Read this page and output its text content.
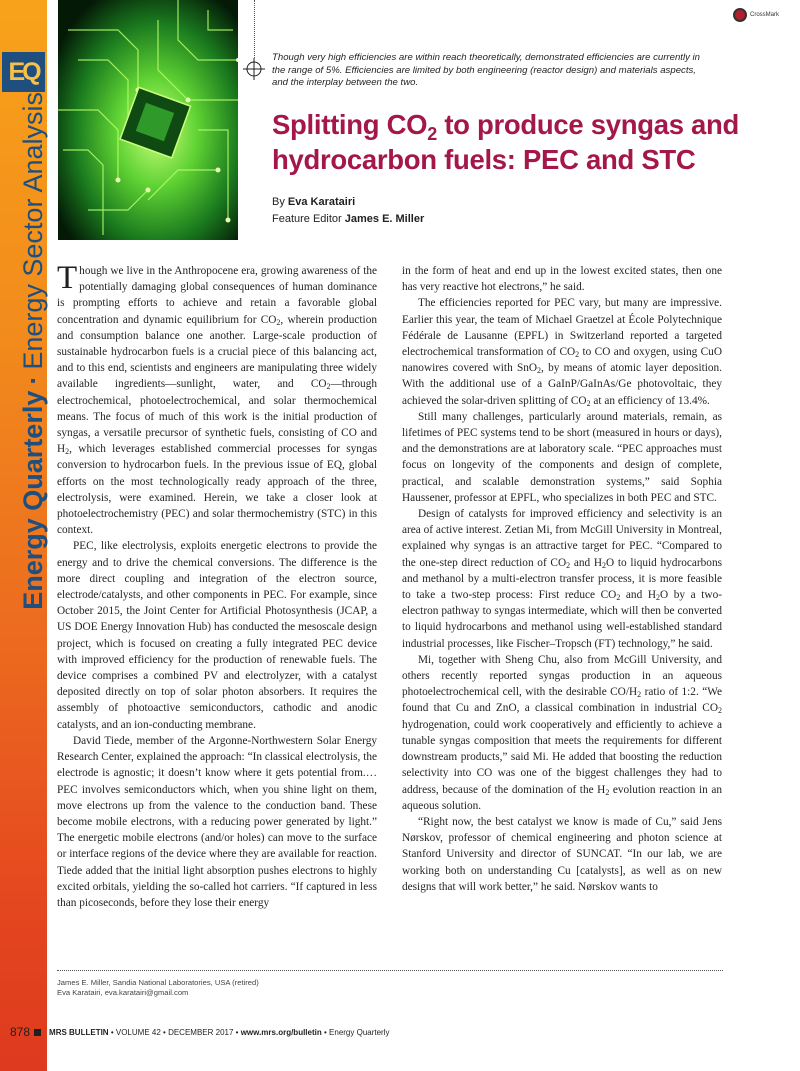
EQ
Energy Quarterly·Energy Sector Analysis
CrossMark
Though very high efficiencies are within reach theoretically, demonstrated efficiencies are currently in the range of 5%. Efficiencies are limited by both engineering (reactor design) and materials aspects, and the interplay between the two.
Splitting $CO_2$ to produce syngas and hydrocarbon fuels: PEC and STC
By Eva Karatairi
Feature Editor James E. Miller

Though we live in the Anthropocene era, growing awareness of the potentially damaging global consequences of human dominance is prompting efforts to achieve and retain a favorable global concentration and dynamic equilibrium for $CO_2$, wherein production and consumption balance one another. Large-scale production of sustainable hydrocarbon fuels is a crucial piece of this balancing act, and to this end, scientists and engineers are manipulating three widely available ingredients—sunlight, water, and $CO_2—through$ electrochemical, photoelectrochemical, and solar thermochemical means. The focus of much of this work is the initial production of syngas, a versatile precursor of synthetic fuels, consisting of CO and $H_2$, which leverages established commercial processes for syngas conversion to hydrocarbon fuels. In the previous issue of EQ, global efforts on the most technologically ready approach of the three, electrolysis, were examined. Herein, we take a closer look at photoelectrochemistry (PEC) and solar thermochemistry (STC) in this context.

PEC, like electrolysis, exploits energetic electrons to provide the energy and to drive the chemical conversions. The difference is the more direct coupling and integration of the electron source, electrode/catalysts, and other components in PEC. For example, since October 2015, the Joint Center for Artificial Photosynthesis (JCAP, a US DOE Energy Innovation Hub) has conducted the mesoscale design project, which is focused on creating a fully integrated PEC device with improved efficiency for the production of renewable fuels. The device comprises a combined PV and electrolyzer, with a catalyst deposited directly on top of solar photon absorbers. It requires the assembly of photoactive semiconductors, cathodic and anodic catalysts, and an ion-conducting membrane.

David Tiede, member of the Argonne-Northwestern Solar Energy Research Center, explained the approach: “In classical electrolysis, the electrode is agnostic; it doesn’t know where it gets potential from.… PEC involves semiconductors which, when you shine light on them, move electrons up from the valence to the conduction band. These become mobile electrons, with a reducing power generated by light.” The energetic mobile electrons (and/or holes) can move to the surface or interface regions of the device where they are available for reaction. Tiede added that the initial light absorption pushes electrons to highly excited orbitals, yielding the so-called hot carriers. “If captured in less than picoseconds, before they lose their energy

in the form of heat and end up in the lowest excited states, then one has very reactive hot electrons,” he said.

The efficiencies reported for PEC vary, but many are impressive. Earlier this year, the team of Michael Graetzel at École Polytechnique Fédérale de Lausanne (EPFL) in Switzerland reported a targeted electrochemical transformation of $CO_2$ to CO and oxygen, using CuO nanowires covered with SnO$_2$, by means of atomic layer deposition. With the additional use of a GaInP/GaInAs/Ge photovoltaic, they achieved the solar-driven splitting of $CO_2$ at an efficiency of 13.4%.

Still many challenges, particularly around materials, remain, as lifetimes of PEC systems tend to be short (measured in hours or days), and the demonstrations are at laboratory scale. “PEC approaches must focus on longevity of the components and design of complete, practical, and scalable demonstration systems,” said Sophia Haussener, professor at EPFL, who specializes in both PEC and STC.

Design of catalysts for improved efficiency and selectivity is an area of active interest. Zetian Mi, from McGill University in Montreal, explained why syngas is an attractive target for PEC. “Compared to the one-step direct reduction of $CO_2$ and $H_2O$ to liquid hydrocarbons and methanol by a multi-electron transfer process, it is more feasible to take a two-step process: First reduce $CO_2$ and $H_2O$ by a two-electron pathway to syngas intermediate, which will then be converted to liquid hydrocarbons and methanol using well-established standard industrial processes, like Fischer–Tropsch (FT) technology,” he said.

Mi, together with Sheng Chu, also from McGill University, and others recently reported syngas production in an aqueous photoelectrochemical cell, with the desirable $CO/H_2$ ratio of 1:2. “We found that Cu and ZnO, a classical combination in industrial $CO_2$ hydrogenation, could work cooperatively and efficiently to achieve a tunable syngas composition that meets the requirements for different downstream products,” said Mi. He added that boosting the reduction selectivity into CO was one of the biggest challenges they had to address, because of the domination of the $H_2$ evolution reaction in an aqueous solution.

“Right now, the best catalyst we know is made of Cu,” said Jens Nørskov, professor of chemical engineering and photon science at Stanford University and director of SUNCAT. “In our lab, we are working both on understanding Cu [catalysts], as well as on new designs that will work better,” he said. Nørskov wants to

James E. Miller, Sandia National Laboratories, USA (retired)
Eva Karatairi, eva.karatairi@gmail.com
878 MRS BULLETIN
•
VOLUME 42
•
DECEMBER 2017
•
www.mrs.org/bulletin
•
Energy Quarterly
